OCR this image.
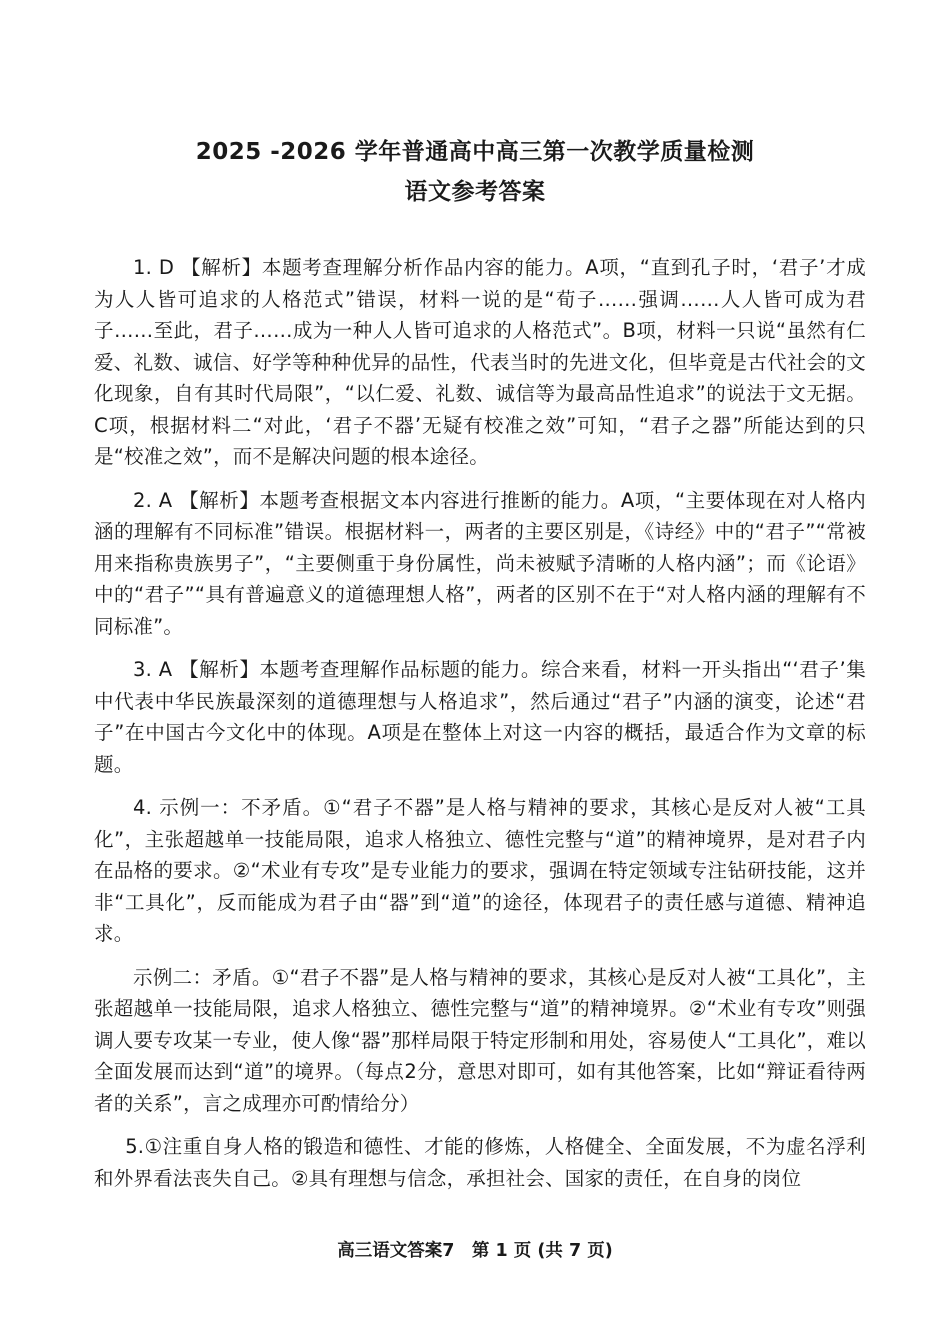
2025 -2026 学年普通高中高三第一次教学质量检测
语文参考答案

1. D 【解析】本题考查理解分析作品内容的能力。A项，“直到孔子时，‘君子’才成为人人皆可追求的人格范式”错误，材料一说的是“荀子……强调……人人皆可成为君子……至此，君子……成为一种人人皆可追求的人格范式”。B项，材料一只说“虽然有仁爱、礼数、诚信、好学等种种优异的品性，代表当时的先进文化，但毕竟是古代社会的文化现象，自有其时代局限”，“以仁爱、礼数、诚信等为最高品性追求”的说法于文无据。C项，根据材料二“对此，‘君子不器’无疑有校准之效”可知，“君子之器”所能达到的只是“校准之效”，而不是解决问题的根本途径。

2. A 【解析】本题考查根据文本内容进行推断的能力。A项，“主要体现在对人格内涵的理解有不同标准”错误。根据材料一，两者的主要区别是，《诗经》中的“君子”“常被用来指称贵族男子”，“主要侧重于身份属性，尚未被赋予清晰的人格内涵”；而《论语》中的“君子”“具有普遍意义的道德理想人格”，两者的区别不在于“对人格内涵的理解有不同标准”。

3. A 【解析】本题考查理解作品标题的能力。综合来看，材料一开头指出“‘君子’集中代表中华民族最深刻的道德理想与人格追求”，然后通过“君子”内涵的演变，论述“君子”在中国古今文化中的体现。A项是在整体上对这一内容的概括，最适合作为文章的标题。

4. 示例一：不矛盾。①“君子不器”是人格与精神的要求，其核心是反对人被“工具化”，主张超越单一技能局限，追求人格独立、德性完整与“道”的精神境界，是对君子内在品格的要求。②“术业有专攻”是专业能力的要求，强调在特定领域专注钻研技能，这并非“工具化”，反而能成为君子由“器”到“道”的途径，体现君子的责任感与道德、精神追求。

示例二：矛盾。①“君子不器”是人格与精神的要求，其核心是反对人被“工具化”，主张超越单一技能局限，追求人格独立、德性完整与“道”的精神境界。②“术业有专攻”则强调人要专攻某一专业，使人像“器”那样局限于特定形制和用处，容易使人“工具化”，难以全面发展而达到“道”的境界。（每点2分，意思对即可，如有其他答案，比如“辩证看待两者的关系”，言之成理亦可酌情给分）

5.①注重自身人格的锻造和德性、才能的修炼，人格健全、全面发展，不为虚名浮利和外界看法丧失自己。②具有理想与信念，承担社会、国家的责任，在自身的岗位

高三语文答案7　第 1 页 (共 7 页)
